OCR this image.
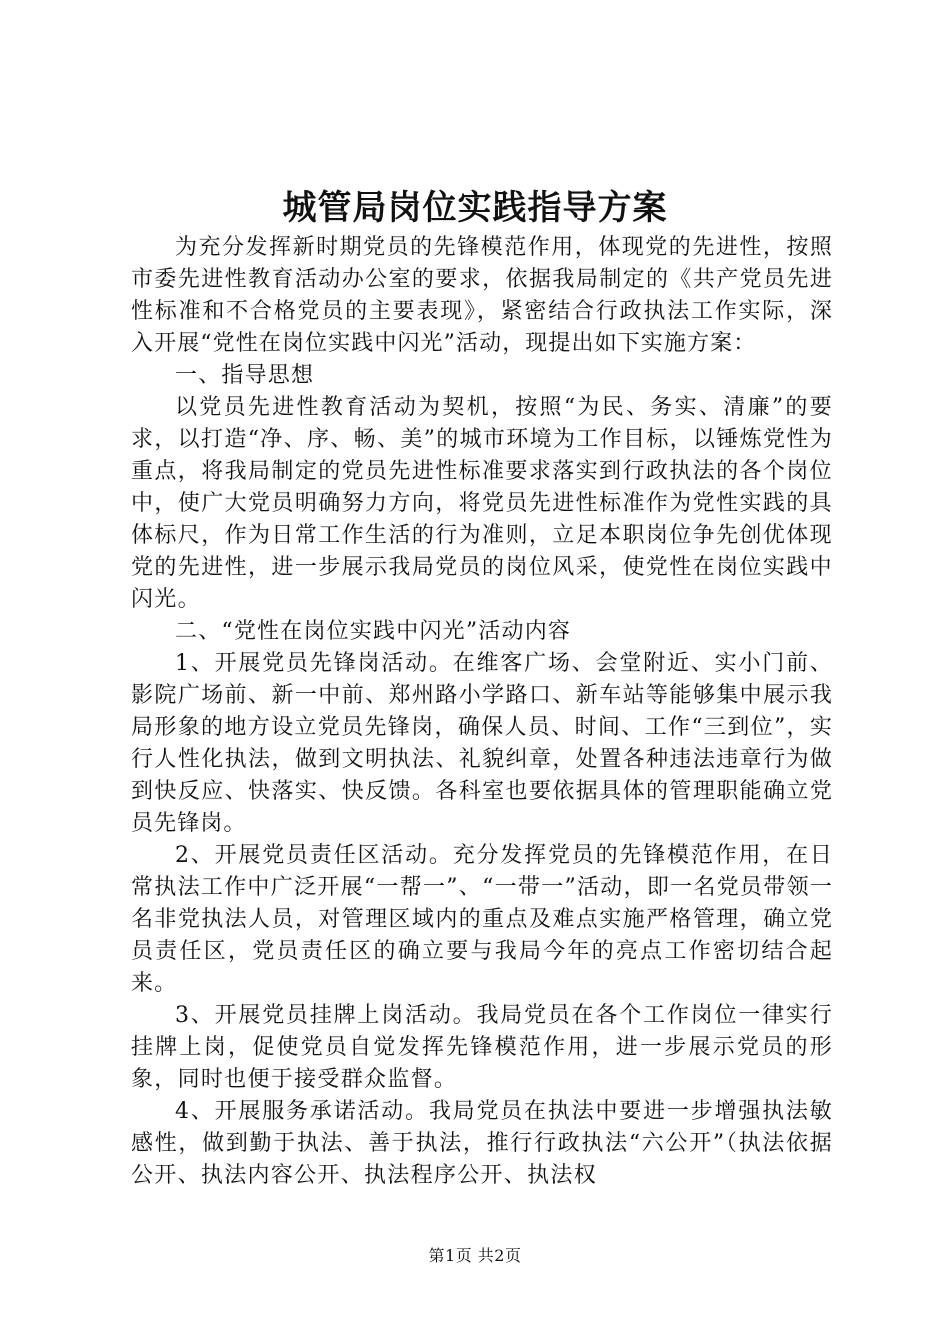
城管局岗位实践指导方案

为充分发挥新时期党员的先锋模范作用，体现党的先进性，按照市委先进性教育活动办公室的要求，依据我局制定的《共产党员先进性标准和不合格党员的主要表现》，紧密结合行政执法工作实际，深入开展“党性在岗位实践中闪光”活动，现提出如下实施方案：

一、指导思想

以党员先进性教育活动为契机，按照“为民、务实、清廉”的要求，以打造“净、序、畅、美”的城市环境为工作目标，以锤炼党性为重点，将我局制定的党员先进性标准要求落实到行政执法的各个岗位中，使广大党员明确努力方向，将党员先进性标准作为党性实践的具体标尺，作为日常工作生活的行为准则，立足本职岗位争先创优体现党的先进性，进一步展示我局党员的岗位风采，使党性在岗位实践中闪光。

二、“党性在岗位实践中闪光”活动内容

1、开展党员先锋岗活动。在维客广场、会堂附近、实小门前、影院广场前、新一中前、郑州路小学路口、新车站等能够集中展示我局形象的地方设立党员先锋岗，确保人员、时间、工作“三到位”，实行人性化执法，做到文明执法、礼貌纠章，处置各种违法违章行为做到快反应、快落实、快反馈。各科室也要依据具体的管理职能确立党员先锋岗。

2、开展党员责任区活动。充分发挥党员的先锋模范作用，在日常执法工作中广泛开展“一帮一”、“一带一”活动，即一名党员带领一名非党执法人员，对管理区域内的重点及难点实施严格管理，确立党员责任区，党员责任区的确立要与我局今年的亮点工作密切结合起来。

3、开展党员挂牌上岗活动。我局党员在各个工作岗位一律实行挂牌上岗，促使党员自觉发挥先锋模范作用，进一步展示党员的形象，同时也便于接受群众监督。

4、开展服务承诺活动。我局党员在执法中要进一步增强执法敏感性，做到勤于执法、善于执法，推行行政执法“六公开”（执法依据公开、执法内容公开、执法程序公开、执法权

第1页 共2页
